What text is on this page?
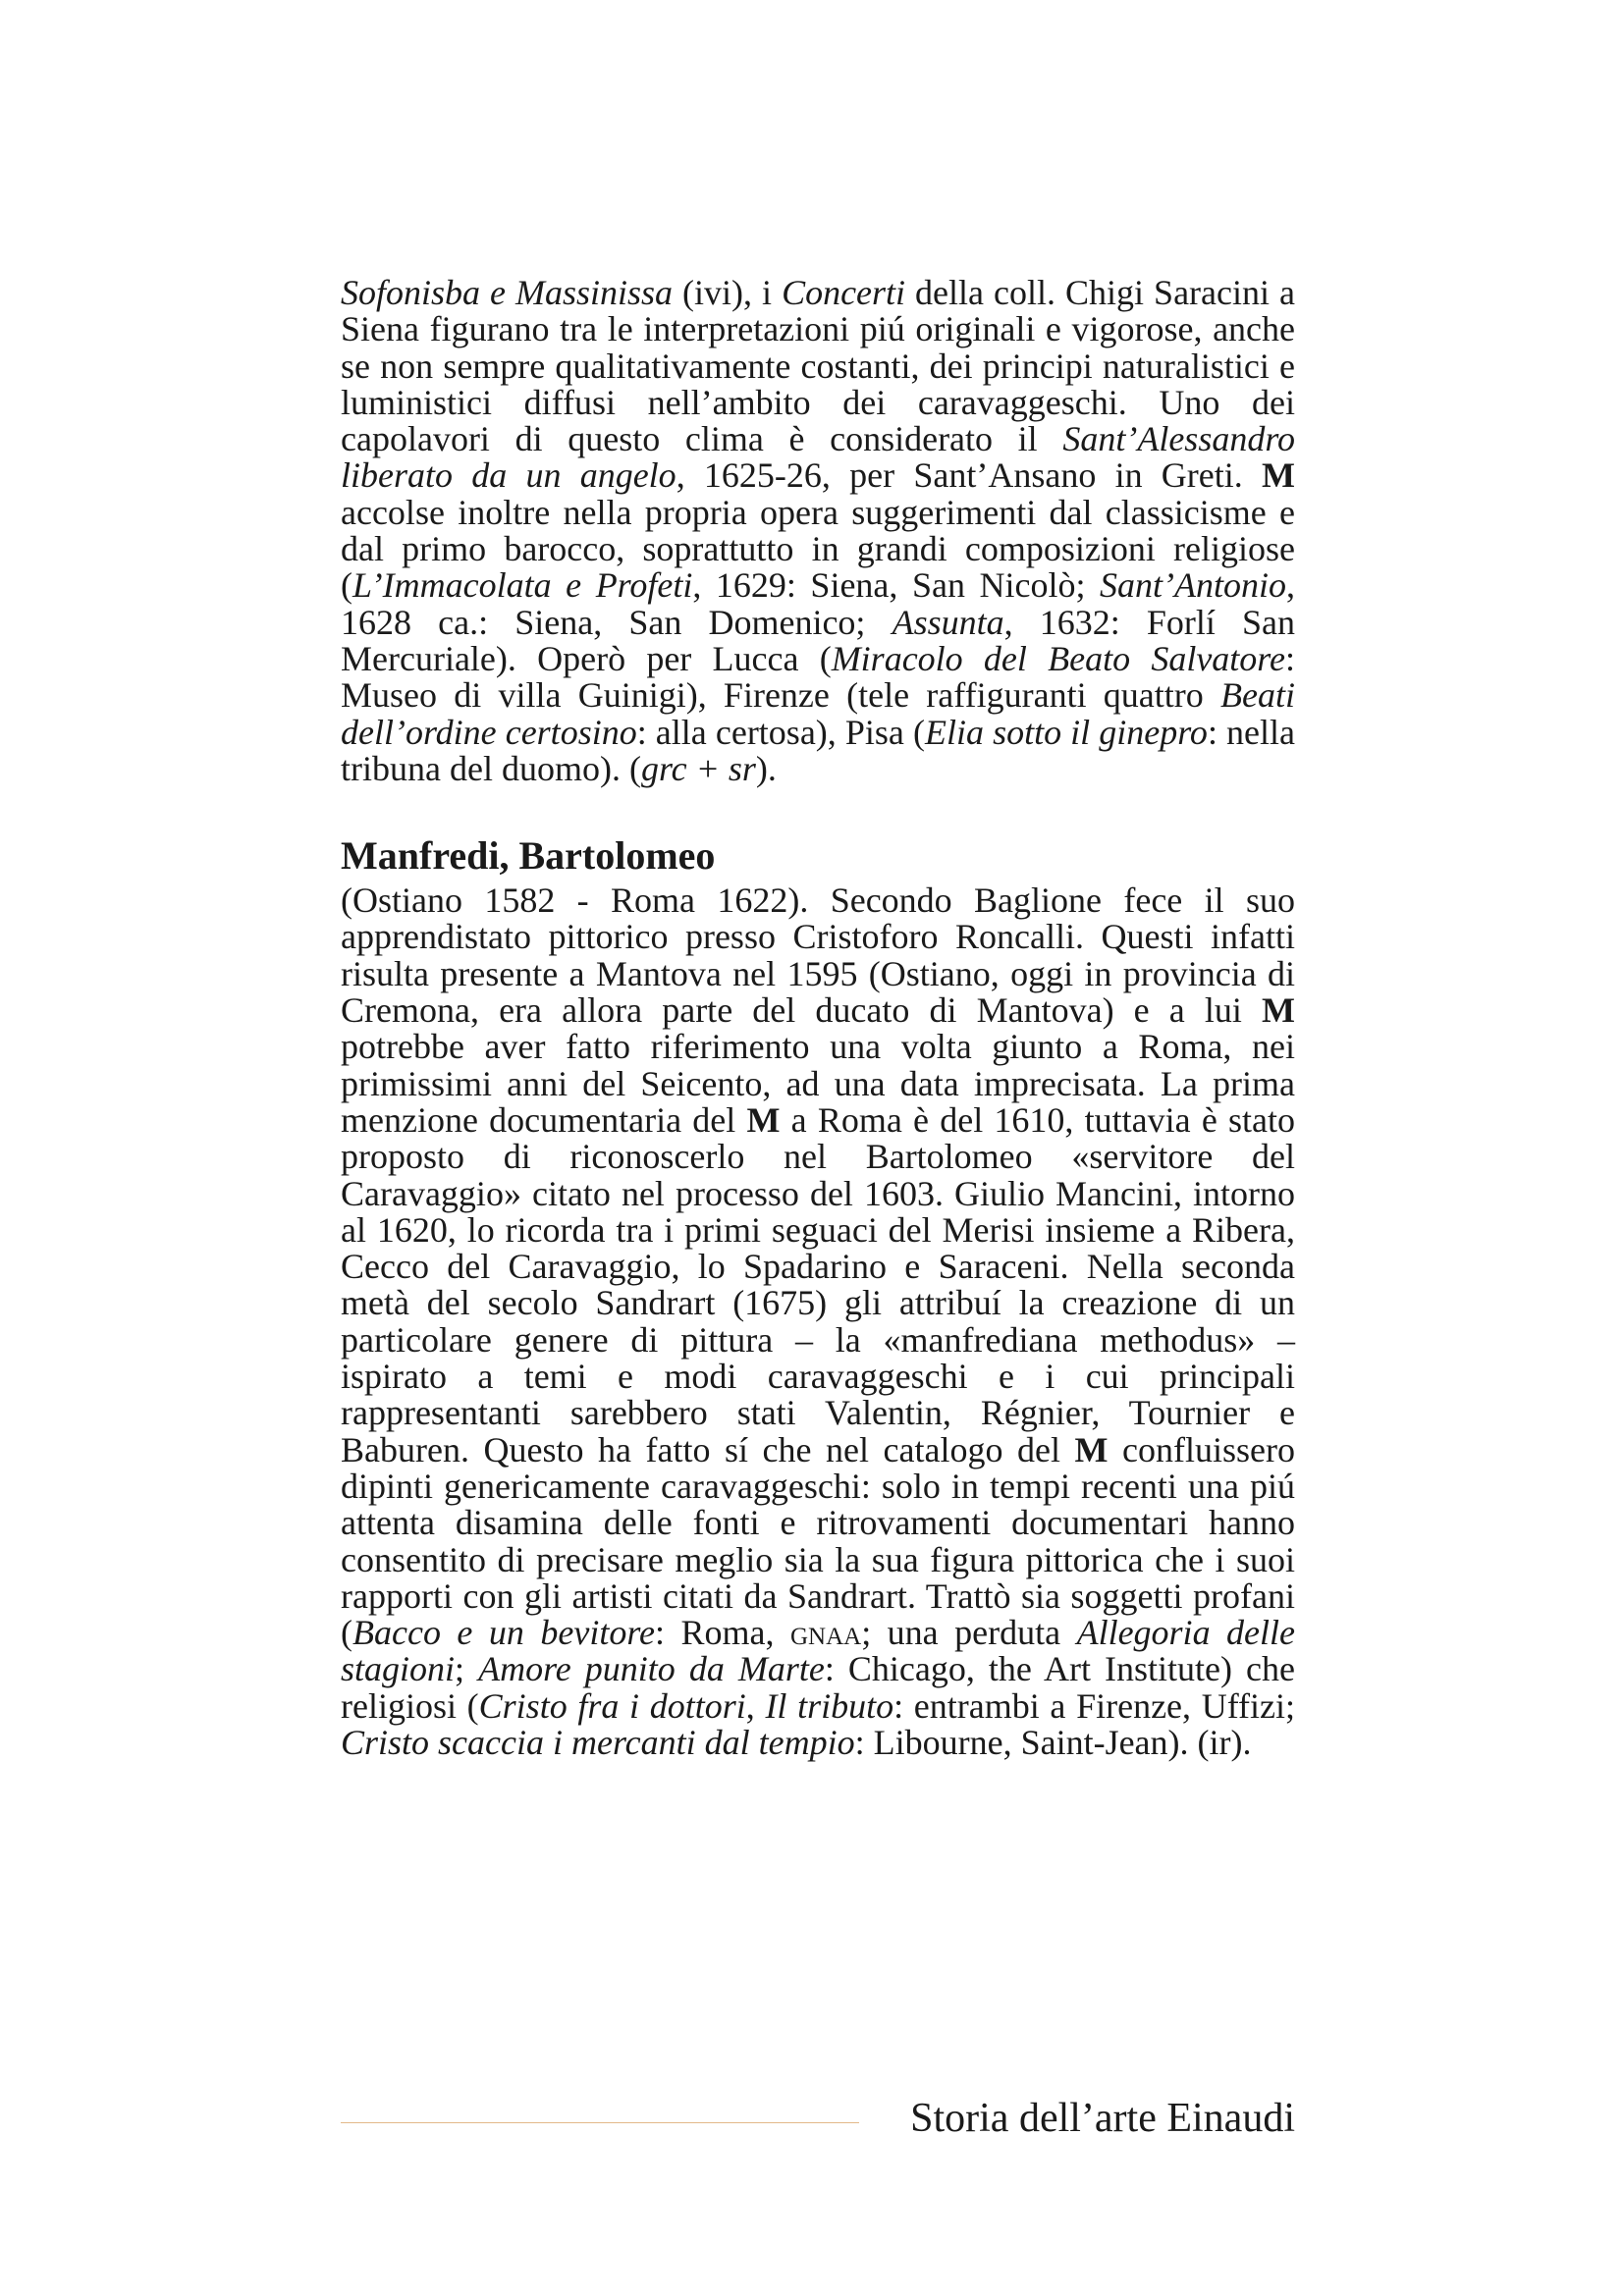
Sofonisba e Massinissa (ivi), i Concerti della coll. Chigi Saracini a Siena figurano tra le interpretazioni piú originali e vigorose, anche se non sempre qualitativamente costanti, dei principi naturalistici e luministici diffusi nell’ambito dei caravaggeschi. Uno dei capolavori di questo clima è considerato il Sant’Alessandro liberato da un angelo, 1625-26, per Sant’Ansano in Greti. M accolse inoltre nella propria opera suggerimenti dal classicisme e dal primo barocco, soprattutto in grandi composizioni religiose (L’Immacolata e Profeti, 1629: Siena, San Nicolò; Sant’Antonio, 1628 ca.: Siena, San Domenico; Assunta, 1632: Forlí San Mercuriale). Operò per Lucca (Miracolo del Beato Salvatore: Museo di villa Guinigi), Firenze (tele raffiguranti quattro Beati dell’ordine certosino: alla certosa), Pisa (Elia sotto il ginepro: nella tribuna del duomo). (grc + sr).

Manfredi, Bartolomeo

(Ostiano 1582 - Roma 1622). Secondo Baglione fece il suo apprendistato pittorico presso Cristoforo Roncalli. Questi infatti risulta presente a Mantova nel 1595 (Ostiano, oggi in provincia di Cremona, era allora parte del ducato di Mantova) e a lui M potrebbe aver fatto riferimento una volta giunto a Roma, nei primissimi anni del Seicento, ad una data imprecisata. La prima menzione documentaria del M a Roma è del 1610, tuttavia è stato proposto di riconoscerlo nel Bartolomeo «servitore del Caravaggio» citato nel processo del 1603. Giulio Mancini, intorno al 1620, lo ricorda tra i primi seguaci del Merisi insieme a Ribera, Cecco del Caravaggio, lo Spadarino e Saraceni. Nella seconda metà del secolo Sandrart (1675) gli attribuí la creazione di un particolare genere di pittura – la «manfrediana methodus» – ispirato a temi e modi caravaggeschi e i cui principali rappresentanti sarebbero stati Valentin, Régnier, Tournier e Baburen. Questo ha fatto sí che nel catalogo del M confluissero dipinti genericamente caravaggeschi: solo in tempi recenti una piú attenta disamina delle fonti e ritrovamenti documentari hanno consentito di precisare meglio sia la sua figura pittorica che i suoi rapporti con gli artisti citati da Sandrart. Trattò sia soggetti profani (Bacco e un bevitore: Roma, gnaa; una perduta Allegoria delle stagioni; Amore punito da Marte: Chicago, the Art Institute) che religiosi (Cristo fra i dottori, Il tributo: entrambi a Firenze, Uffizi; Cristo scaccia i mercanti dal tempio: Libourne, Saint-Jean). (ir).

Storia dell’arte Einaudi
